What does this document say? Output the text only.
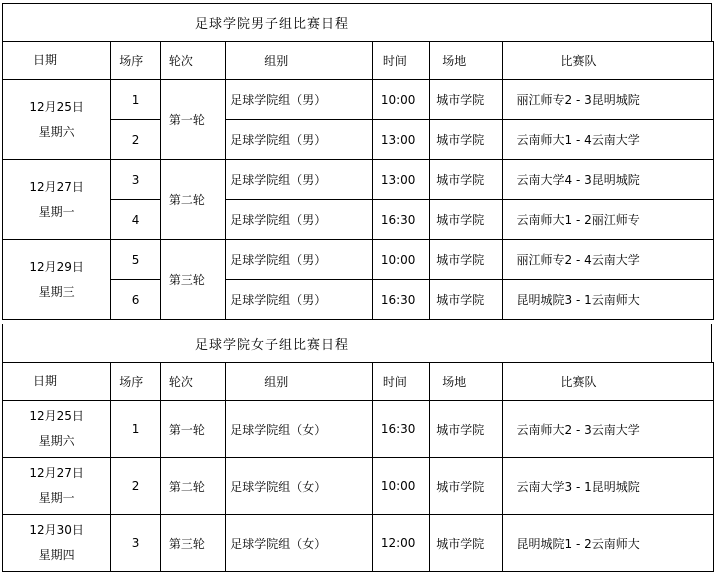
足球学院男子组比赛日程
日期	场序	轮次	组别	时间	场地	比赛队

12月25日
星期六	1	第一轮	足球学院组（男）	10:00	城市学院	丽江师专2 - 3昆明城院
	2		足球学院组（男）	13:00	城市学院	云南师大1 - 4云南大学

12月27日
星期一	3	第二轮	足球学院组（男）	13:00	城市学院	云南大学4 - 3昆明城院
	4		足球学院组（男）	16:30	城市学院	云南师大1 - 2丽江师专

12月29日
星期三	5	第三轮	足球学院组（男）	10:00	城市学院	丽江师专2 - 4云南大学
	6		足球学院组（男）	16:30	城市学院	昆明城院3 - 1云南师大
足球学院女子组比赛日程
日期	场序	轮次	组别	时间	场地	比赛队

12月25日
星期六	1	第一轮	足球学院组（女）	16:30	城市学院	云南师大2 - 3云南大学

12月27日
星期一	2	第二轮	足球学院组（女）	10:00	城市学院	云南大学3 - 1昆明城院

12月30日
星期四	3	第三轮	足球学院组（女）	12:00	城市学院	昆明城院1 - 2云南师大
